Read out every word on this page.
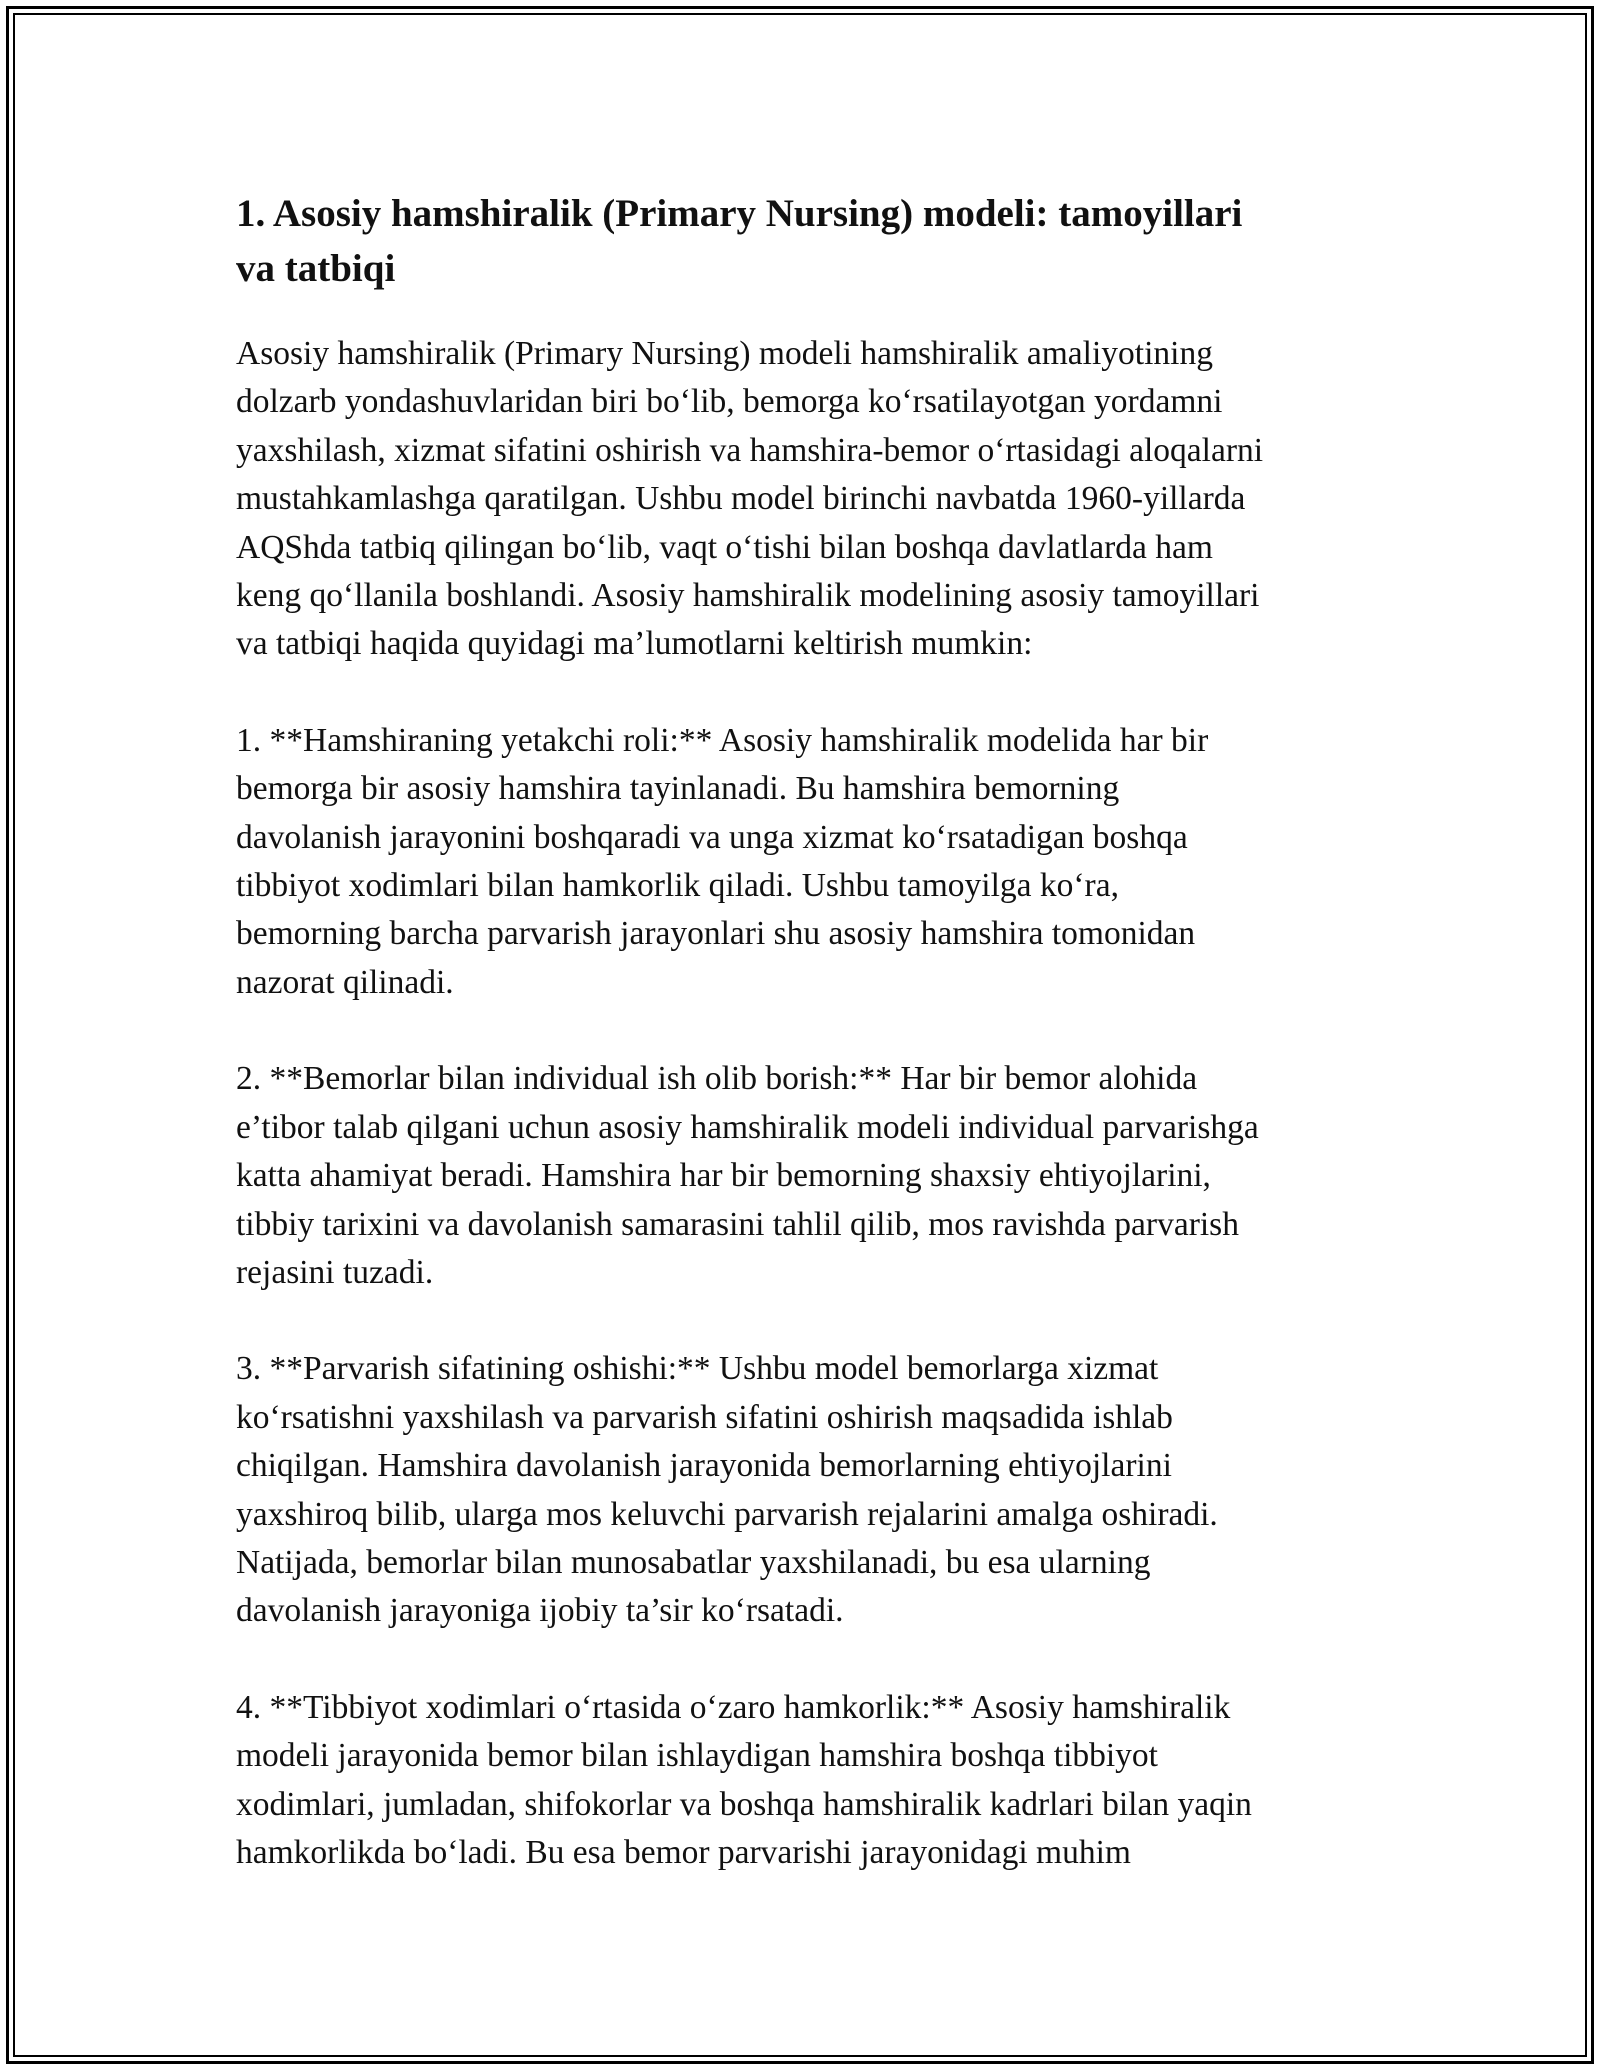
1. Asosiy hamshiralik (Primary Nursing) modeli: tamoyillari
va tatbiqi

Asosiy hamshiralik (Primary Nursing) modeli hamshiralik amaliyotining
dolzarb yondashuvlaridan biri bo‘lib, bemorga ko‘rsatilayotgan yordamni
yaxshilash, xizmat sifatini oshirish va hamshira-bemor o‘rtasidagi aloqalarni
mustahkamlashga qaratilgan. Ushbu model birinchi navbatda 1960-yillarda
AQShda tatbiq qilingan bo‘lib, vaqt o‘tishi bilan boshqa davlatlarda ham
keng qo‘llanila boshlandi. Asosiy hamshiralik modelining asosiy tamoyillari
va tatbiqi haqida quyidagi ma’lumotlarni keltirish mumkin:

1. **Hamshiraning yetakchi roli:** Asosiy hamshiralik modelida har bir
bemorga bir asosiy hamshira tayinlanadi. Bu hamshira bemorning
davolanish jarayonini boshqaradi va unga xizmat ko‘rsatadigan boshqa
tibbiyot xodimlari bilan hamkorlik qiladi. Ushbu tamoyilga ko‘ra,
bemorning barcha parvarish jarayonlari shu asosiy hamshira tomonidan
nazorat qilinadi.

2. **Bemorlar bilan individual ish olib borish:** Har bir bemor alohida
e’tibor talab qilgani uchun asosiy hamshiralik modeli individual parvarishga
katta ahamiyat beradi. Hamshira har bir bemorning shaxsiy ehtiyojlarini,
tibbiy tarixini va davolanish samarasini tahlil qilib, mos ravishda parvarish
rejasini tuzadi.

3. **Parvarish sifatining oshishi:** Ushbu model bemorlarga xizmat
ko‘rsatishni yaxshilash va parvarish sifatini oshirish maqsadida ishlab
chiqilgan. Hamshira davolanish jarayonida bemorlarning ehtiyojlarini
yaxshiroq bilib, ularga mos keluvchi parvarish rejalarini amalga oshiradi.
Natijada, bemorlar bilan munosabatlar yaxshilanadi, bu esa ularning
davolanish jarayoniga ijobiy ta’sir ko‘rsatadi.

4. **Tibbiyot xodimlari o‘rtasida o‘zaro hamkorlik:** Asosiy hamshiralik
modeli jarayonida bemor bilan ishlaydigan hamshira boshqa tibbiyot
xodimlari, jumladan, shifokorlar va boshqa hamshiralik kadrlari bilan yaqin
hamkorlikda bo‘ladi. Bu esa bemor parvarishi jarayonidagi muhim
